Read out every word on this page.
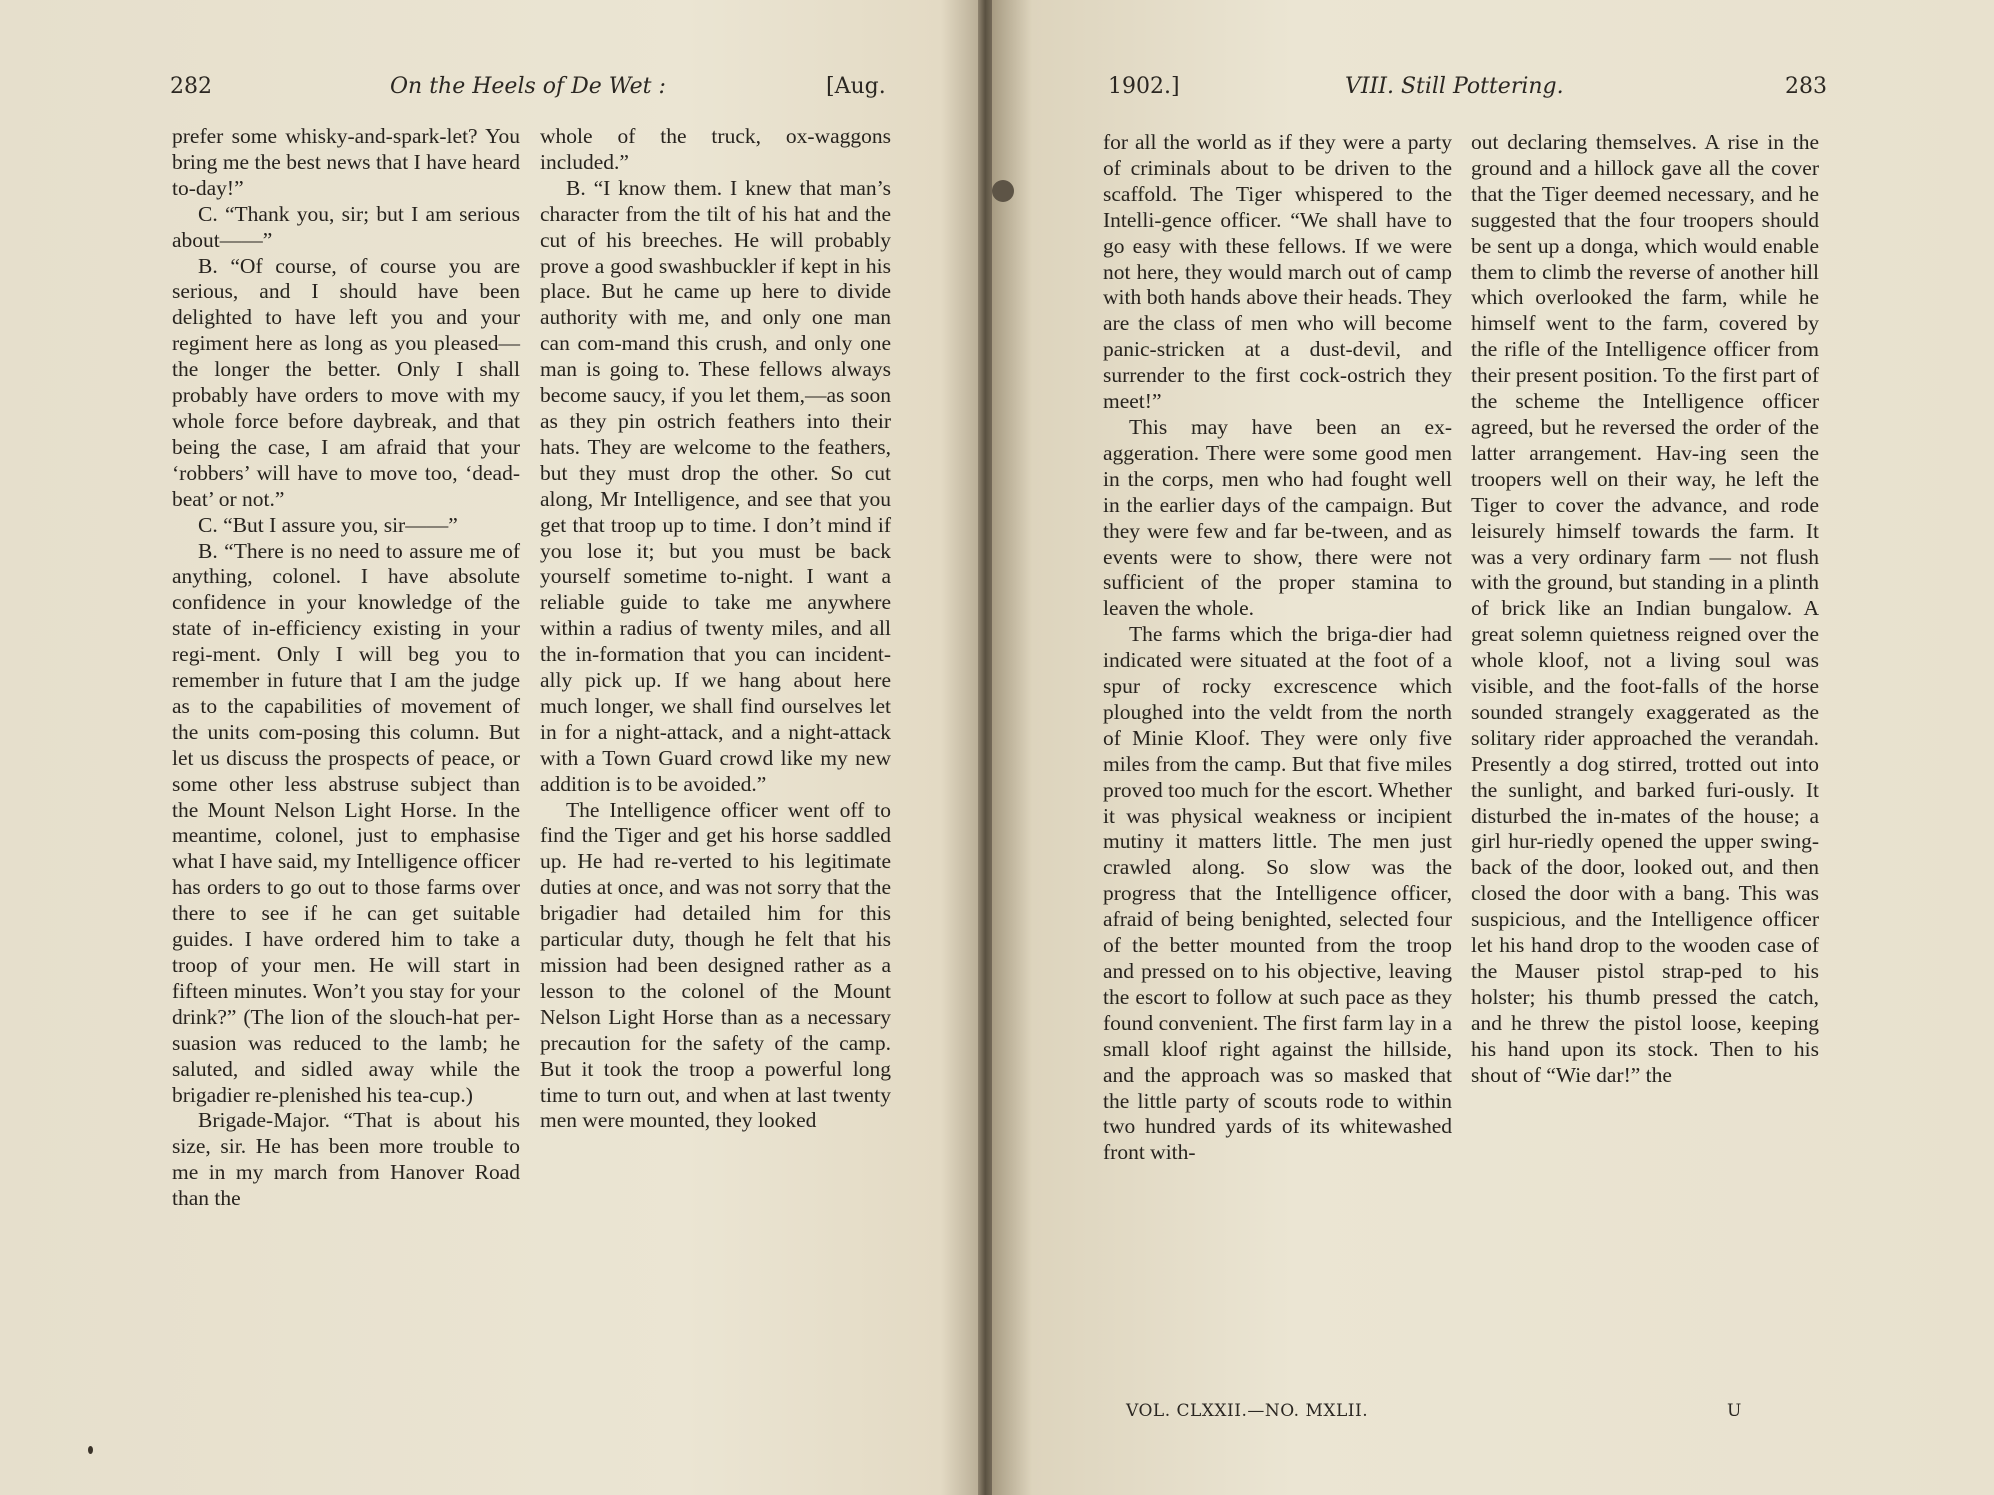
282	On the Heels of De Wet :	[Aug.

prefer some whisky-and-spark-let? You bring me the best news that I have heard to-day!”

C. “Thank you, sir; but I am serious about——”

B. “Of course, of course you are serious, and I should have been delighted to have left you and your regiment here as long as you pleased—the longer the better. Only I shall probably have orders to move with my whole force before daybreak, and that being the case, I am afraid that your ‘robbers’ will have to move too, ‘dead-beat’ or not.”

C. “But I assure you, sir——”

B. “There is no need to assure me of anything, colonel. I have absolute confidence in your knowledge of the state of in-efficiency existing in your regi-ment. Only I will beg you to remember in future that I am the judge as to the capabilities of movement of the units com-posing this column. But let us discuss the prospects of peace, or some other less abstruse subject than the Mount Nelson Light Horse. In the meantime, colonel, just to emphasise what I have said, my Intelligence officer has orders to go out to those farms over there to see if he can get suitable guides. I have ordered him to take a troop of your men. He will start in fifteen minutes. Won’t you stay for your drink?” (The lion of the slouch-hat per-suasion was reduced to the lamb; he saluted, and sidled away while the brigadier re-plenished his tea-cup.)

Brigade-Major. “That is about his size, sir. He has been more trouble to me in my march from Hanover Road than the

whole of the truck, ox-waggons included.”

B. “I know them. I knew that man’s character from the tilt of his hat and the cut of his breeches. He will probably prove a good swashbuckler if kept in his place. But he came up here to divide authority with me, and only one man can com-mand this crush, and only one man is going to. These fellows always become saucy, if you let them,—as soon as they pin ostrich feathers into their hats. They are welcome to the feathers, but they must drop the other. So cut along, Mr Intelligence, and see that you get that troop up to time. I don’t mind if you lose it; but you must be back yourself sometime to-night. I want a reliable guide to take me anywhere within a radius of twenty miles, and all the in-formation that you can incident-ally pick up. If we hang about here much longer, we shall find ourselves let in for a night-attack, and a night-attack with a Town Guard crowd like my new addition is to be avoided.”

The Intelligence officer went off to find the Tiger and get his horse saddled up. He had re-verted to his legitimate duties at once, and was not sorry that the brigadier had detailed him for this particular duty, though he felt that his mission had been designed rather as a lesson to the colonel of the Mount Nelson Light Horse than as a necessary precaution for the safety of the camp. But it took the troop a powerful long time to turn out, and when at last twenty men were mounted, they looked

1902.]	VIII. Still Pottering.	283

for all the world as if they were a party of criminals about to be driven to the scaffold. The Tiger whispered to the Intelli-gence officer. “We shall have to go easy with these fellows. If we were not here, they would march out of camp with both hands above their heads. They are the class of men who will become panic-stricken at a dust-devil, and surrender to the first cock-ostrich they meet!”

This may have been an ex-aggeration. There were some good men in the corps, men who had fought well in the earlier days of the campaign. But they were few and far be-tween, and as events were to show, there were not sufficient of the proper stamina to leaven the whole.

The farms which the briga-dier had indicated were situated at the foot of a spur of rocky excrescence which ploughed into the veldt from the north of Minie Kloof. They were only five miles from the camp. But that five miles proved too much for the escort. Whether it was physical weakness or incipient mutiny it matters little. The men just crawled along. So slow was the progress that the Intelligence officer, afraid of being benighted, selected four of the better mounted from the troop and pressed on to his objective, leaving the escort to follow at such pace as they found convenient. The first farm lay in a small kloof right against the hillside, and the approach was so masked that the little party of scouts rode to within two hundred yards of its whitewashed front with-

out declaring themselves. A rise in the ground and a hillock gave all the cover that the Tiger deemed necessary, and he suggested that the four troopers should be sent up a donga, which would enable them to climb the reverse of another hill which overlooked the farm, while he himself went to the farm, covered by the rifle of the Intelligence officer from their present position. To the first part of the scheme the Intelligence officer agreed, but he reversed the order of the latter arrangement. Hav-ing seen the troopers well on their way, he left the Tiger to cover the advance, and rode leisurely himself towards the farm. It was a very ordinary farm — not flush with the ground, but standing in a plinth of brick like an Indian bungalow. A great solemn quietness reigned over the whole kloof, not a living soul was visible, and the foot-falls of the horse sounded strangely exaggerated as the solitary rider approached the verandah. Presently a dog stirred, trotted out into the sunlight, and barked furi-ously. It disturbed the in-mates of the house; a girl hur-riedly opened the upper swing-back of the door, looked out, and then closed the door with a bang. This was suspicious, and the Intelligence officer let his hand drop to the wooden case of the Mauser pistol strap-ped to his holster; his thumb pressed the catch, and he threw the pistol loose, keeping his hand upon its stock. Then to his shout of “Wie dar!” the

VOL. CLXXII.—NO. MXLII.	U
